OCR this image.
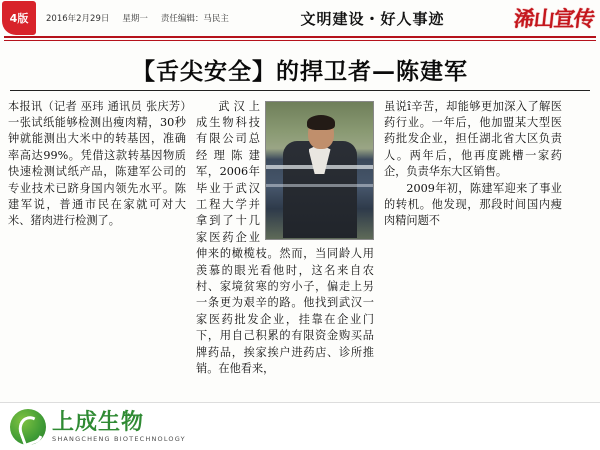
4版	2016年2月29日 星期一 责任编辑：马民主	文明建设・好人事迹	浠山宣传
【舌尖安全】的捍卫者—陈建军

本报讯（记者 巫玮 通讯员 张庆芳）一张试纸能够检测出瘦肉精，30秒钟就能测出大米中的转基因，准确率高达99%。凭借这款转基因物质快速检测试纸产品，陈建军公司的专业技术已跻身国内领先水平。陈建军说，普通市民在家就可对大米、猪肉进行检测了。

武汉上成生物科技有限公司总经理陈建军，2006年毕业于武汉工程大学并拿到了十几家医药企业伸来的橄榄枝。然而，当同龄人用羡慕的眼光看他时，这名来自农村、家境贫寒的穷小子，偏走上另一条更为艰辛的路。他找到武汉一家医药批发企业，挂靠在企业门下，用自己积累的有限资金购买品牌药品，挨家挨户进药店、诊所推销。在他看来，

虽说î辛苦，却能够更加深入了解医药行业。一年后，他加盟某大型医药批发企业，担任湖北省大区负责人。两年后，他再度跳槽一家药企，负责华东大区销售。

2009年初，陈建军迎来了事业的转机。他发现，那段时间国内瘦肉精问题不

上成生物
SHANGCHENG BIOTECHNOLOGY
